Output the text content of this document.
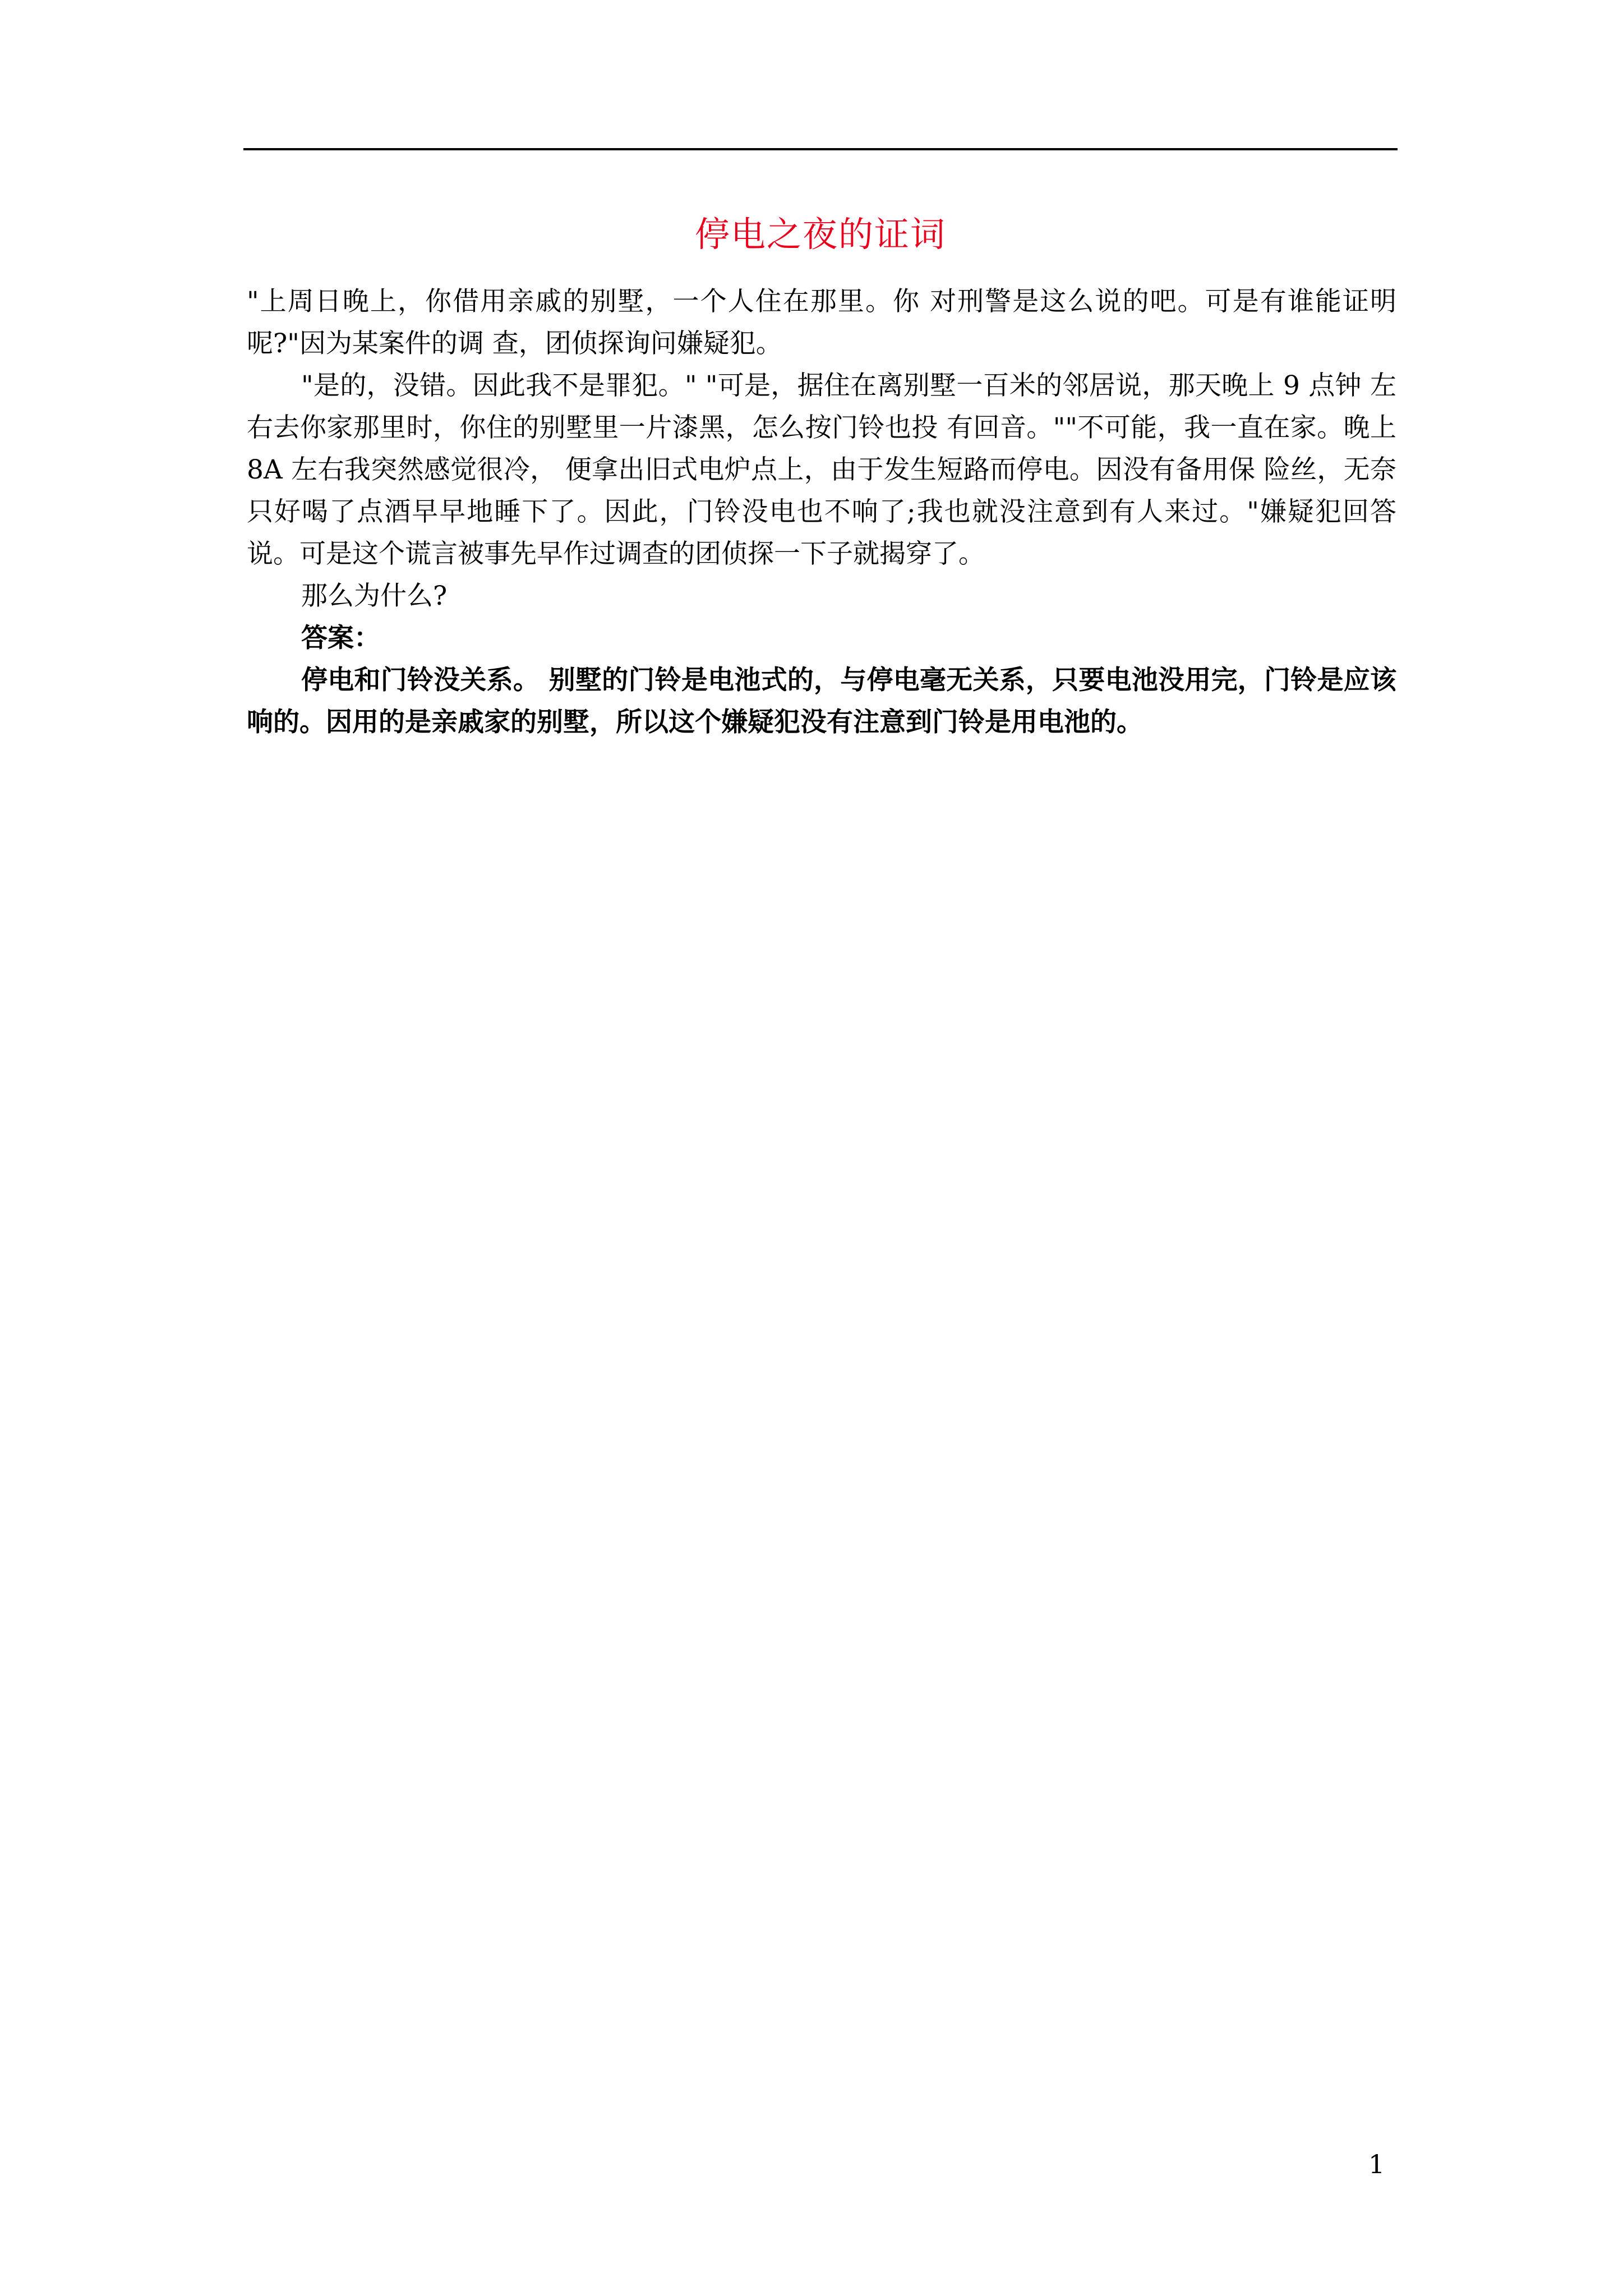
停电之夜的证词

"上周日晚上，你借用亲戚的别墅，一个人住在那里。你 对刑警是这么说的吧。可是有谁能证明呢?"因为某案件的调 查，团侦探询问嫌疑犯。

"是的，没错。因此我不是罪犯。" "可是，据住在离别墅一百米的邻居说，那天晚上 9 点钟 左右去你家那里时，你住的别墅里一片漆黑，怎么按门铃也投 有回音。""不可能，我一直在家。晚上 8A 左右我突然感觉很冷， 便拿出旧式电炉点上，由于发生短路而停电。因没有备用保 险丝，无奈只好喝了点酒早早地睡下了。因此，门铃没电也不响了;我也就没注意到有人来过。"嫌疑犯回答说。可是这个谎言被事先早作过调查的团侦探一下子就揭穿了。

那么为什么?

答案：

停电和门铃没关系。 别墅的门铃是电池式的，与停电毫无关系，只要电池没用完，门铃是应该响的。因用的是亲戚家的别墅，所以这个嫌疑犯没有注意到门铃是用电池的。

1
